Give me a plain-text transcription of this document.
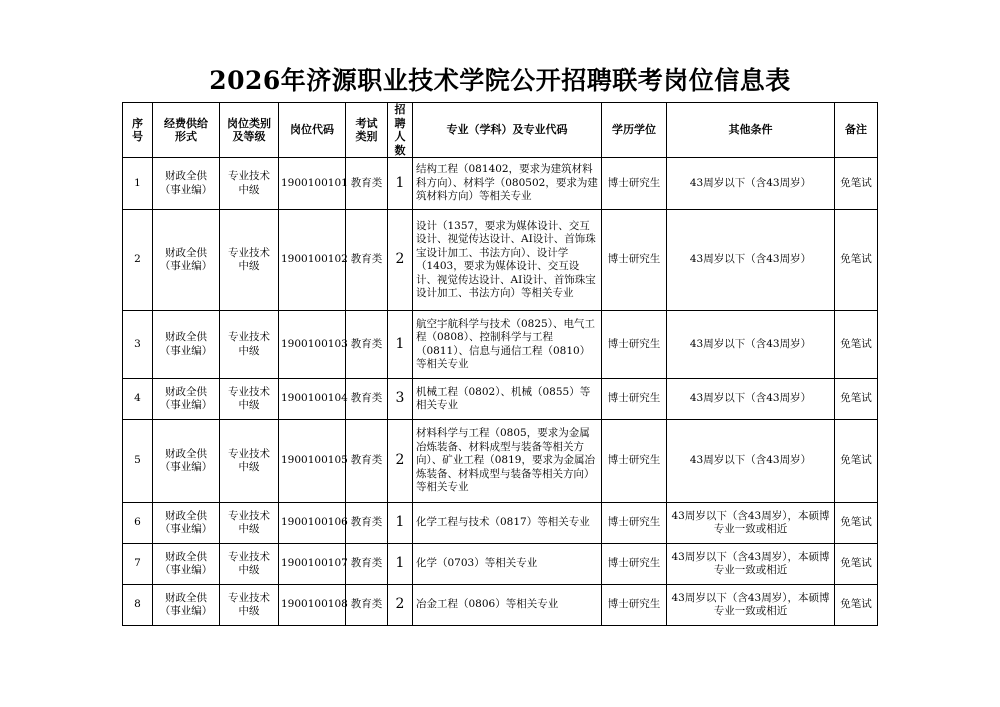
2026年济源职业技术学院公开招聘联考岗位信息表
序
号	经费供给
形式	岗位类别
及等级	岗位代码	考试
类别	招聘
人数	专业（学科）及专业代码	学历学位	其他条件	备注
1	财政全供
（事业编）	专业技术
中级	1900100101	教育类	1	结构工程（081402，要求为建筑材料科方向）、材料学（080502，要求为建筑材料方向）等相关专业	博士研究生	43周岁以下（含43周岁）	免笔试
2	财政全供
（事业编）	专业技术
中级	1900100102	教育类	2	设计（1357，要求为媒体设计、交互设计、视觉传达设计、AI设计、首饰珠宝设计加工、书法方向）、设计学（1403，要求为媒体设计、交互设计、视觉传达设计、AI设计、首饰珠宝设计加工、书法方向）等相关专业	博士研究生	43周岁以下（含43周岁）	免笔试
3	财政全供
（事业编）	专业技术
中级	1900100103	教育类	1	航空宇航科学与技术（0825）、电气工程（0808）、控制科学与工程（0811）、信息与通信工程（0810）等相关专业	博士研究生	43周岁以下（含43周岁）	免笔试
4	财政全供
（事业编）	专业技术
中级	1900100104	教育类	3	机械工程（0802）、机械（0855）等　相关专业	博士研究生	43周岁以下（含43周岁）	免笔试
5	财政全供
（事业编）	专业技术
中级	1900100105	教育类	2	材料科学与工程（0805，要求为金属冶炼装备、材料成型与装备等相关方向）、矿业工程（0819，要求为金属冶炼装备、材料成型与装备等相关方向）等相关专业	博士研究生	43周岁以下（含43周岁）	免笔试
6	财政全供
（事业编）	专业技术
中级	1900100106	教育类	1	化学工程与技术（0817）等相关专业	博士研究生	43周岁以下（含43周岁），本硕博专业一致或相近	免笔试
7	财政全供
（事业编）	专业技术
中级	1900100107	教育类	1	化学（0703）等相关专业	博士研究生	43周岁以下（含43周岁），本硕博专业一致或相近	免笔试
8	财政全供
（事业编）	专业技术
中级	1900100108	教育类	2	冶金工程（0806）等相关专业	博士研究生	43周岁以下（含43周岁），本硕博专业一致或相近	免笔试
